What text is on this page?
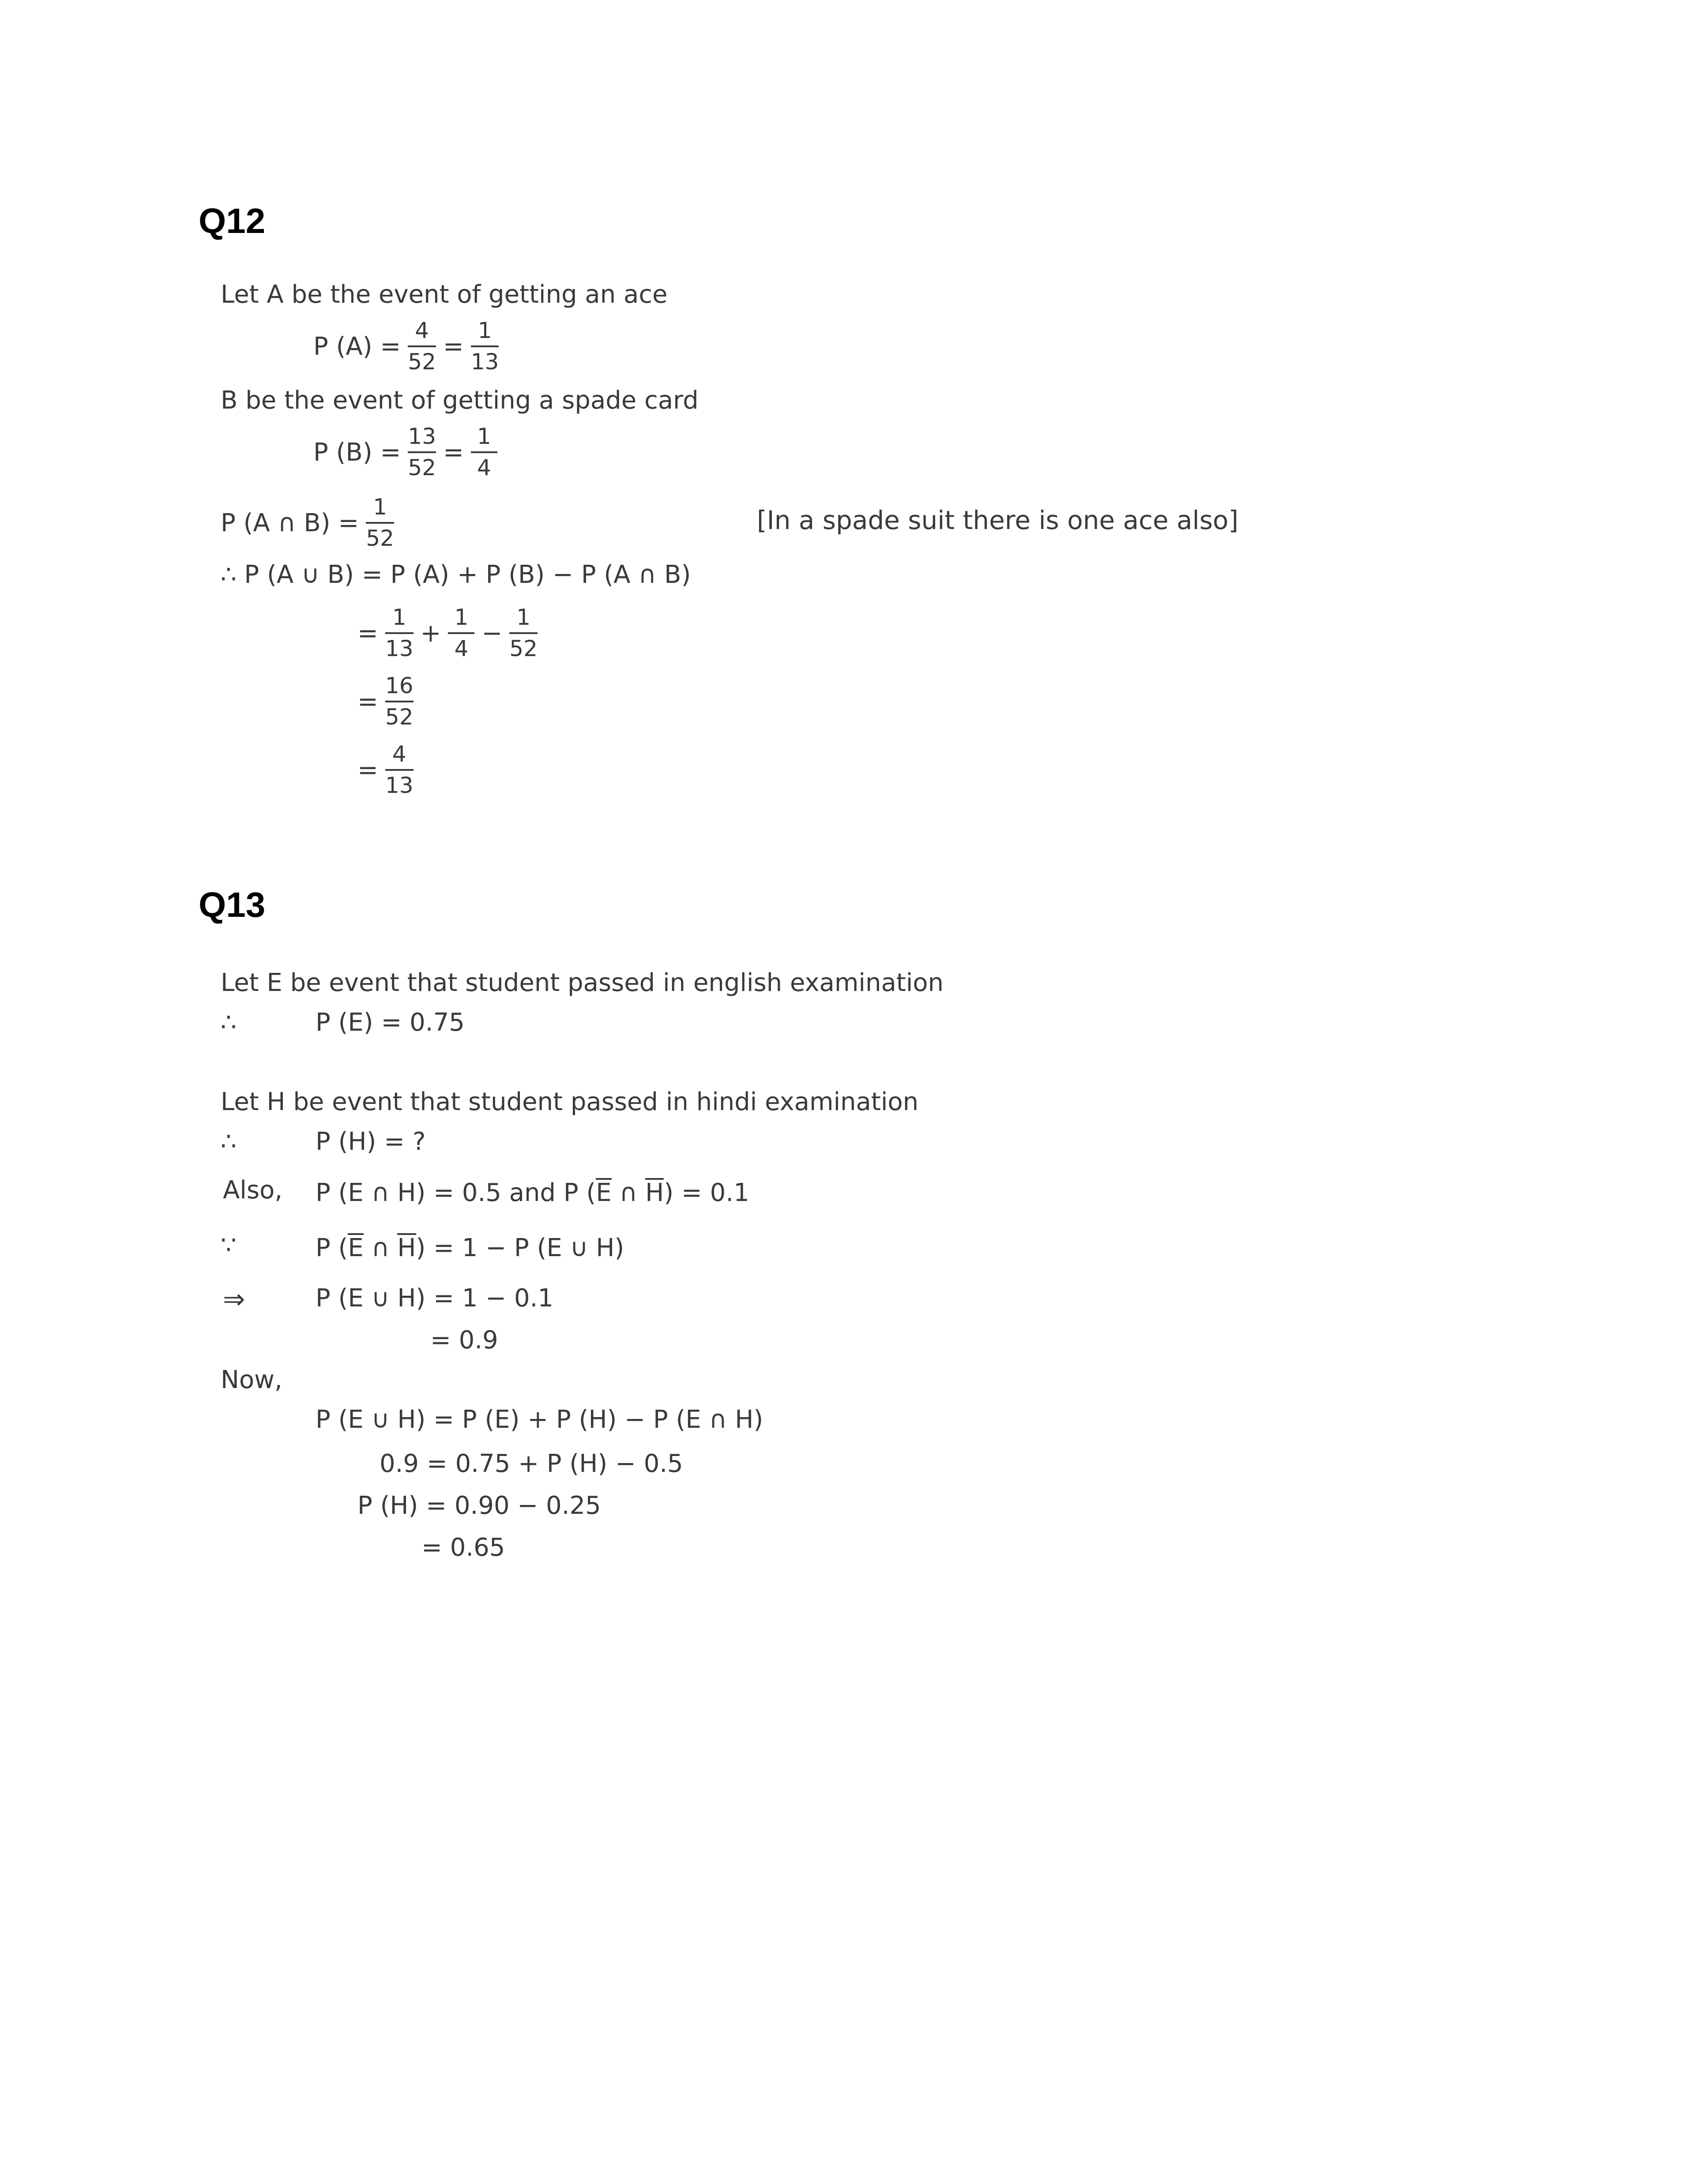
Q12
Let A be the event of getting an ace
P $(A) = \frac{4}{52} = \frac{1}{13}$
B be the event of getting a spade card
P $(B) = \frac{13}{52} = \frac{1}{4}$
P (A ∩ $B) = \frac{1}{52}$	[In a spade suit there is one ace also]
∴ P (A ∪ B) = P (A) + P (B) − P (A ∩ B)
= $\frac{1}{13} + \frac{1}{4} - \frac{1}{52}$
= $\frac{16}{52}$
= $\frac{4}{13}$
Q13
Let E be event that student passed in english examination
∴	P (E) = 0.75
Let H be event that student passed in hindi examination
∴	P (H) = ?
Also, P (E ∩ H) = 0.5 and P (E ∩ H) = 0.1
∵	P (E ∩ H) = 1 − P (E ∪ H)
⇒	P (E ∪ H) = 1 − 0.1
= 0.9
Now,
P (E ∪ H) = P (E) + P (H) − P (E ∩ H)
0.9 = 0.75 + P (H) − 0.5
P (H) = 0.90 − 0.25
= 0.65
